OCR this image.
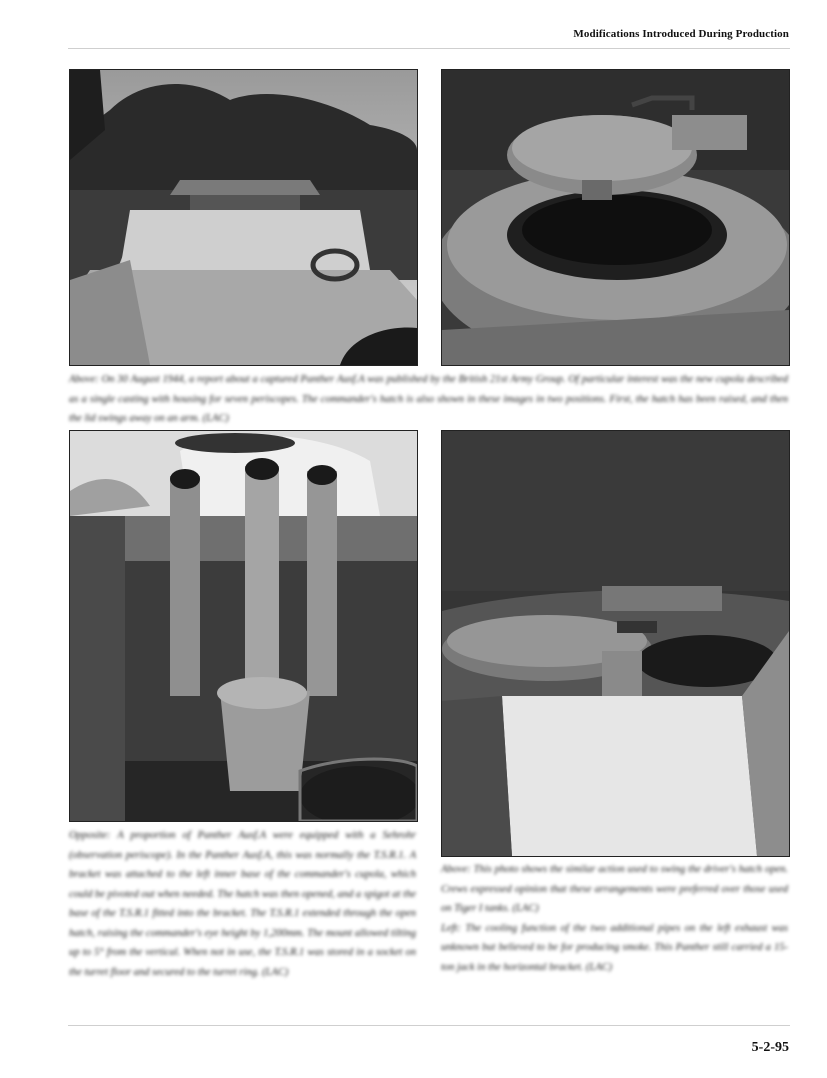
Modifications Introduced During Production

Above: On 30 August 1944, a report about a captured Panther Ausf.A was published by the British 21st Army Group. Of particular interest was the new cupola described as a single casting with housing for seven periscopes. The commander's hatch is also shown in these images in two positions. First, the hatch has been raised, and then the lid swings away on an arm. (LAC)

Opposite: A proportion of Panther Ausf.A were equipped with a Sehrohr (observation periscope). In the Panther Ausf.A, this was normally the T.S.R.1. A bracket was attached to the left inner base of the commander's cupola, which could be pivoted out when needed. The hatch was then opened, and a spigot at the base of the T.S.R.1 fitted into the bracket. The T.S.R.1 extended through the open hatch, raising the commander's eye height by 1,200mm. The mount allowed tilting up to 5° from the vertical. When not in use, the T.S.R.1 was stored in a socket on the turret floor and secured to the turret ring. (LAC)

Above: This photo shows the similar action used to swing the driver's hatch open. Crews expressed opinion that these arrangements were preferred over those used on Tiger I tanks. (LAC)

Left: The cooling function of the two additional pipes on the left exhaust was unknown but believed to be for producing smoke. This Panther still carried a 15-ton jack in the horizontal bracket. (LAC)

5-2-95
